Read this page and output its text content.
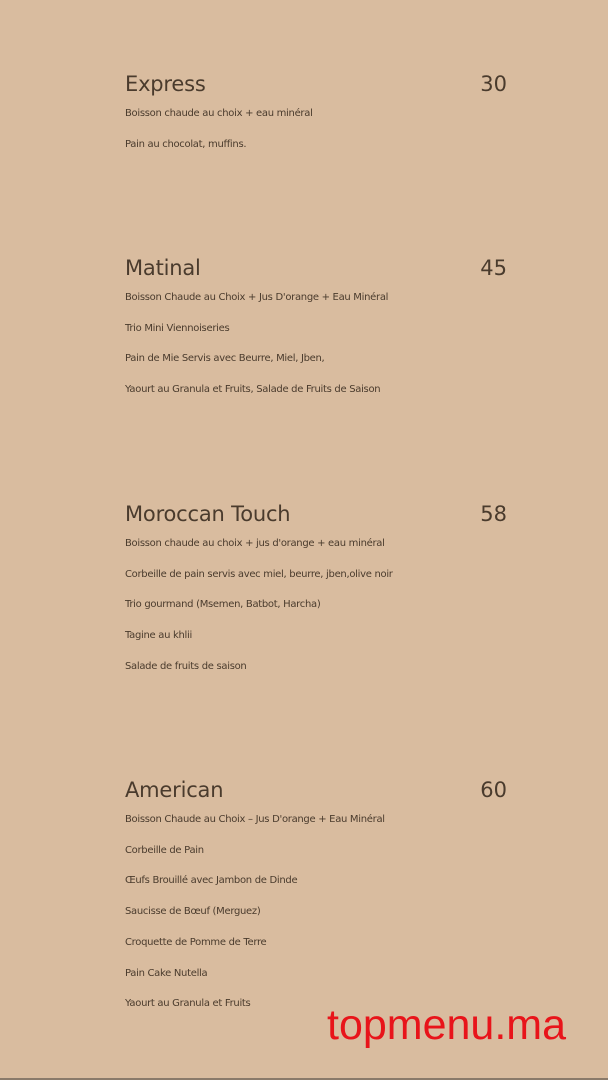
Express	30
Boisson chaude au choix + eau minéral
Pain au chocolat, muffins.
Matinal	45
Boisson Chaude au Choix + Jus D'orange + Eau Minéral
Trio Mini Viennoiseries
Pain de Mie Servis avec Beurre, Miel, Jben,
Yaourt au Granula et Fruits, Salade de Fruits de Saison
Moroccan Touch	58
Boisson chaude au choix + jus d'orange + eau minéral
Corbeille de pain servis avec miel, beurre, jben,olive noir
Trio gourmand (Msemen, Batbot, Harcha)
Tagine au khlii
Salade de fruits de saison
American	60
Boisson Chaude au Choix – Jus D'orange + Eau Minéral
Corbeille de Pain
Œufs Brouillé avec Jambon de Dinde
Saucisse de Bœuf (Merguez)
Croquette de Pomme de Terre
Pain Cake Nutella
Yaourt au Granula et Fruits	topmenu.ma
